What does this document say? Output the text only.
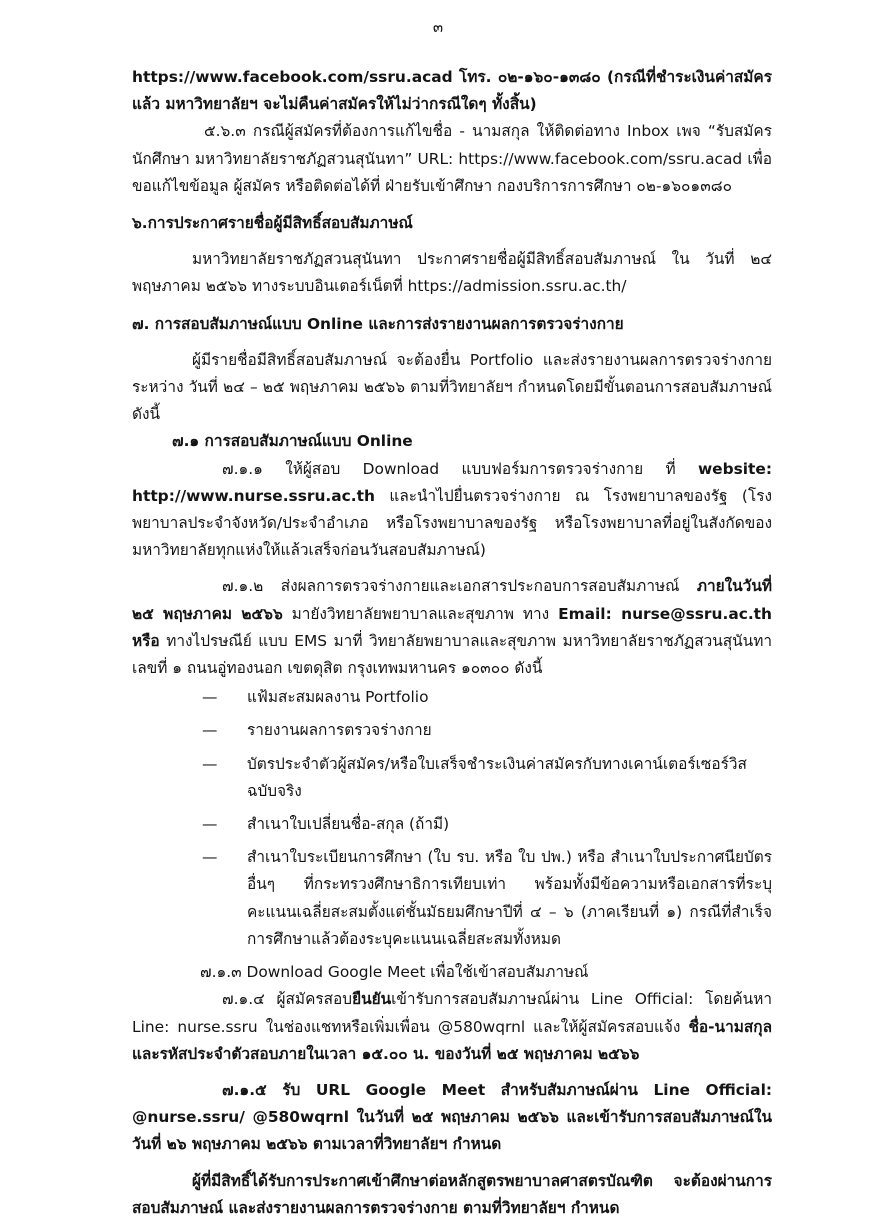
๓

https://www.facebook.com/ssru.acad โทร. ๐๒-๑๖๐-๑๓๘๐ (กรณีที่ชำระเงินค่าสมัครแล้ว มหาวิทยาลัยฯ จะไม่คืนค่าสมัครให้ไม่ว่ากรณีใดๆ ทั้งสิ้น)

๕.๖.๓ กรณีผู้สมัครที่ต้องการแก้ไขชื่อ - นามสกุล ให้ติดต่อทาง Inbox เพจ “รับสมัครนักศึกษา มหาวิทยาลัยราชภัฏสวนสุนันทา” URL: https://www.facebook.com/ssru.acad เพื่อขอแก้ไขข้อมูล ผู้สมัคร หรือติดต่อได้ที่ ฝ่ายรับเข้าศึกษา กองบริการการศึกษา ๐๒-๑๖๐๑๓๘๐

๖.การประกาศรายชื่อผู้มีสิทธิ์สอบสัมภาษณ์

มหาวิทยาลัยราชภัฏสวนสุนันทา ประกาศรายชื่อผู้มีสิทธิ์สอบสัมภาษณ์ ใน วันที่ ๒๔ พฤษภาคม ๒๕๖๖ ทางระบบอินเตอร์เน็ตที่ https://admission.ssru.ac.th/

๗. การสอบสัมภาษณ์แบบ Online และการส่งรายงานผลการตรวจร่างกาย

ผู้มีรายชื่อมีสิทธิ์สอบสัมภาษณ์ จะต้องยื่น Portfolio และส่งรายงานผลการตรวจร่างกาย ระหว่าง วันที่ ๒๔ – ๒๕ พฤษภาคม ๒๕๖๖ ตามที่วิทยาลัยฯ กำหนดโดยมีขั้นตอนการสอบสัมภาษณ์ ดังนี้

๗.๑ การสอบสัมภาษณ์แบบ Online

๗.๑.๑ ให้ผู้สอบ Download แบบฟอร์มการตรวจร่างกาย ที่ website: http://www.nurse.ssru.ac.th และนำไปยื่นตรวจร่างกาย ณ โรงพยาบาลของรัฐ (โรงพยาบาลประจำจังหวัด/ประจำอำเภอ หรือโรงพยาบาลของรัฐ หรือโรงพยาบาลที่อยู่ในสังกัดของมหาวิทยาลัยทุกแห่งให้แล้วเสร็จก่อนวันสอบสัมภาษณ์)

๗.๑.๒ ส่งผลการตรวจร่างกายและเอกสารประกอบการสอบสัมภาษณ์ ภายในวันที่ ๒๕ พฤษภาคม ๒๕๖๖ มายังวิทยาลัยพยาบาลและสุขภาพ ทาง Email: nurse@ssru.ac.th หรือ ทางไปรษณีย์ แบบ EMS มาที่ วิทยาลัยพยาบาลและสุขภาพ มหาวิทยาลัยราชภัฏสวนสุนันทา เลขที่ ๑ ถนนอู่ทองนอก เขตดุสิต กรุงเทพมหานคร ๑๐๓๐๐ ดังนี้

— แฟ้มสะสมผลงาน Portfolio
— รายงานผลการตรวจร่างกาย
— บัตรประจำตัวผู้สมัคร/หรือใบเสร็จชำระเงินค่าสมัครกับทางเคาน์เตอร์เซอร์วิสฉบับจริง
— สำเนาใบเปลี่ยนชื่อ-สกุล (ถ้ามี)
— สำเนาใบระเบียนการศึกษา (ใบ รบ. หรือ ใบ ปพ.) หรือ สำเนาใบประกาศนียบัตรอื่นๆ ที่กระทรวงศึกษาธิการเทียบเท่า พร้อมทั้งมีข้อความหรือเอกสารที่ระบุคะแนนเฉลี่ยสะสมตั้งแต่ชั้นมัธยมศึกษาปีที่ ๔ – ๖ (ภาคเรียนที่ ๑) กรณีที่สำเร็จการศึกษาแล้วต้องระบุคะแนนเฉลี่ยสะสมทั้งหมด

๗.๑.๓ Download Google Meet เพื่อใช้เข้าสอบสัมภาษณ์

๗.๑.๔ ผู้สมัครสอบยืนยันเข้ารับการสอบสัมภาษณ์ผ่าน Line Official: โดยค้นหา Line: nurse.ssru ในช่องแชทหรือเพิ่มเพื่อน @580wqrnl และให้ผู้สมัครสอบแจ้ง ชื่อ-นามสกุล และรหัสประจำตัวสอบภายในเวลา ๑๕.๐๐ น. ของวันที่ ๒๕ พฤษภาคม ๒๕๖๖

๗.๑.๕ รับ URL Google Meet สำหรับสัมภาษณ์ผ่าน Line Official: @nurse.ssru/ @580wqrnl ในวันที่ ๒๕ พฤษภาคม ๒๕๖๖ และเข้ารับการสอบสัมภาษณ์ในวันที่ ๒๖ พฤษภาคม ๒๕๖๖ ตามเวลาที่วิทยาลัยฯ กำหนด

ผู้ที่มีสิทธิ์ได้รับการประกาศเข้าศึกษาต่อหลักสูตรพยาบาลศาสตรบัณฑิต จะต้องผ่านการสอบสัมภาษณ์ และส่งรายงานผลการตรวจร่างกาย ตามที่วิทยาลัยฯ กำหนด
